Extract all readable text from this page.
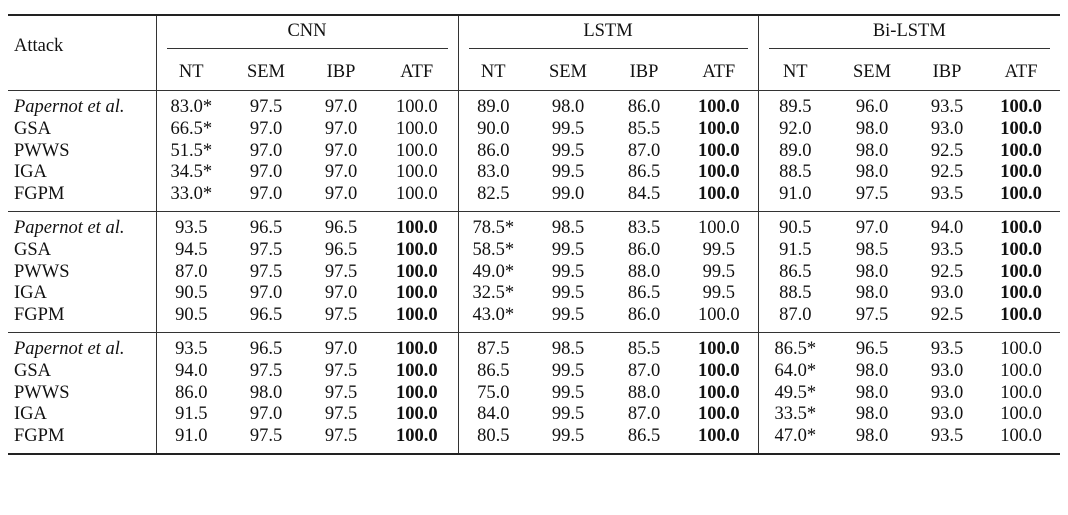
Attack	CNN				LSTM				Bi-LSTM			

	NT	SEM	IBP	ATF	NT	SEM	IBP	ATF	NT	SEM	IBP	ATF
Papernot et al.	83.0*	97.5	97.0	100.0	89.0	98.0	86.0	100.0	89.5	96.0	93.5	100.0
GSA	66.5*	97.0	97.0	100.0	90.0	99.5	85.5	100.0	92.0	98.0	93.0	100.0
PWWS	51.5*	97.0	97.0	100.0	86.0	99.5	87.0	100.0	89.0	98.0	92.5	100.0
IGA	34.5*	97.0	97.0	100.0	83.0	99.5	86.5	100.0	88.5	98.0	92.5	100.0
FGPM	33.0*	97.0	97.0	100.0	82.5	99.0	84.5	100.0	91.0	97.5	93.5	100.0
Papernot et al.	93.5	96.5	96.5	100.0	78.5*	98.5	83.5	100.0	90.5	97.0	94.0	100.0
GSA	94.5	97.5	96.5	100.0	58.5*	99.5	86.0	99.5	91.5	98.5	93.5	100.0
PWWS	87.0	97.5	97.5	100.0	49.0*	99.5	88.0	99.5	86.5	98.0	92.5	100.0
IGA	90.5	97.0	97.0	100.0	32.5*	99.5	86.5	99.5	88.5	98.0	93.0	100.0
FGPM	90.5	96.5	97.5	100.0	43.0*	99.5	86.0	100.0	87.0	97.5	92.5	100.0
Papernot et al.	93.5	96.5	97.0	100.0	87.5	98.5	85.5	100.0	86.5*	96.5	93.5	100.0
GSA	94.0	97.5	97.5	100.0	86.5	99.5	87.0	100.0	64.0*	98.0	93.0	100.0
PWWS	86.0	98.0	97.5	100.0	75.0	99.5	88.0	100.0	49.5*	98.0	93.0	100.0
IGA	91.5	97.0	97.5	100.0	84.0	99.5	87.0	100.0	33.5*	98.0	93.0	100.0
FGPM	91.0	97.5	97.5	100.0	80.5	99.5	86.5	100.0	47.0*	98.0	93.5	100.0
